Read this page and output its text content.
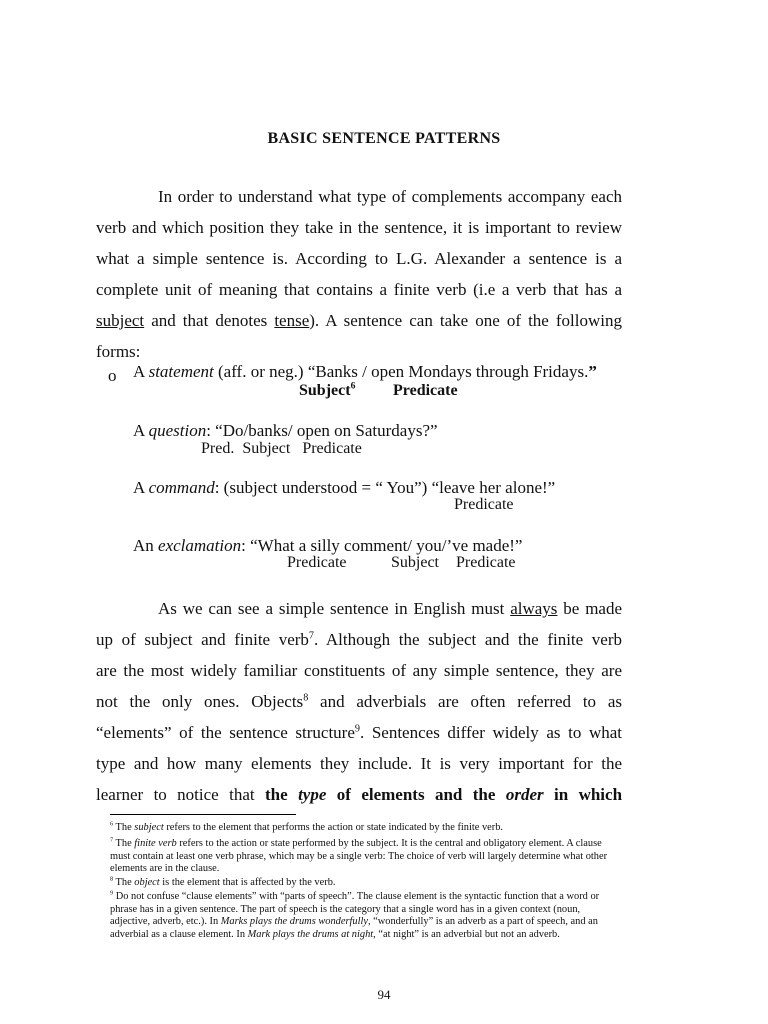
BASIC SENTENCE PATTERNS
In order to understand what type of complements accompany each
verb and which position they take in the sentence, it is important to review
what a simple sentence is. According to L.G. Alexander a sentence is a
complete unit of meaning that contains a finite verb (i.e a verb that has a
subject and that denotes tense). A sentence can take one of the following
forms:
o A statement (aff. or neg.) “Banks / open Mondays through Fridays.”
Subject$^6$ Predicate
A question: “Do/banks/ open on Saturdays?”
Pred.  Subject   Predicate
A command: (subject understood = “ You”) “leave her alone!”
Predicate
An exclamation: “What a silly comment/ you/’ve made!”
Predicate	Subject Predicate
As we can see a simple sentence in English must always be made
up of subject and finite verb$^7$. Although the subject and the finite verb
are the most widely familiar constituents of any simple sentence, they are
not the only ones. Objects$^8$ and adverbials are often referred to as
“elements” of the sentence structure$^9$. Sentences differ widely as to what
type and how many elements they include. It is very important for the
learner to notice that the type of elements and the order in which
$^6$ The subject refers to the element that performs the action or state indicated by the finite verb.
$^7$ The finite verb refers to the action or state performed by the subject. It is the central and obligatory element. A clause must contain at least one verb phrase, which may be a single verb: The choice of verb will largely determine what other elements are in the clause.
$^8$ The object is the element that is affected by the verb.
$^9$ Do not confuse “clause elements” with “parts of speech”. The clause element is the syntactic function that a word or phrase has in a given sentence. The part of speech is the category that a single word has in a given context (noun, adjective, adverb, etc.). In Marks plays the drums wonderfully, “wonderfully” is an adverb as a part of speech, and an adverbial as a clause element. In Mark plays the drums at night, “at night” is an adverbial but not an adverb.
94
